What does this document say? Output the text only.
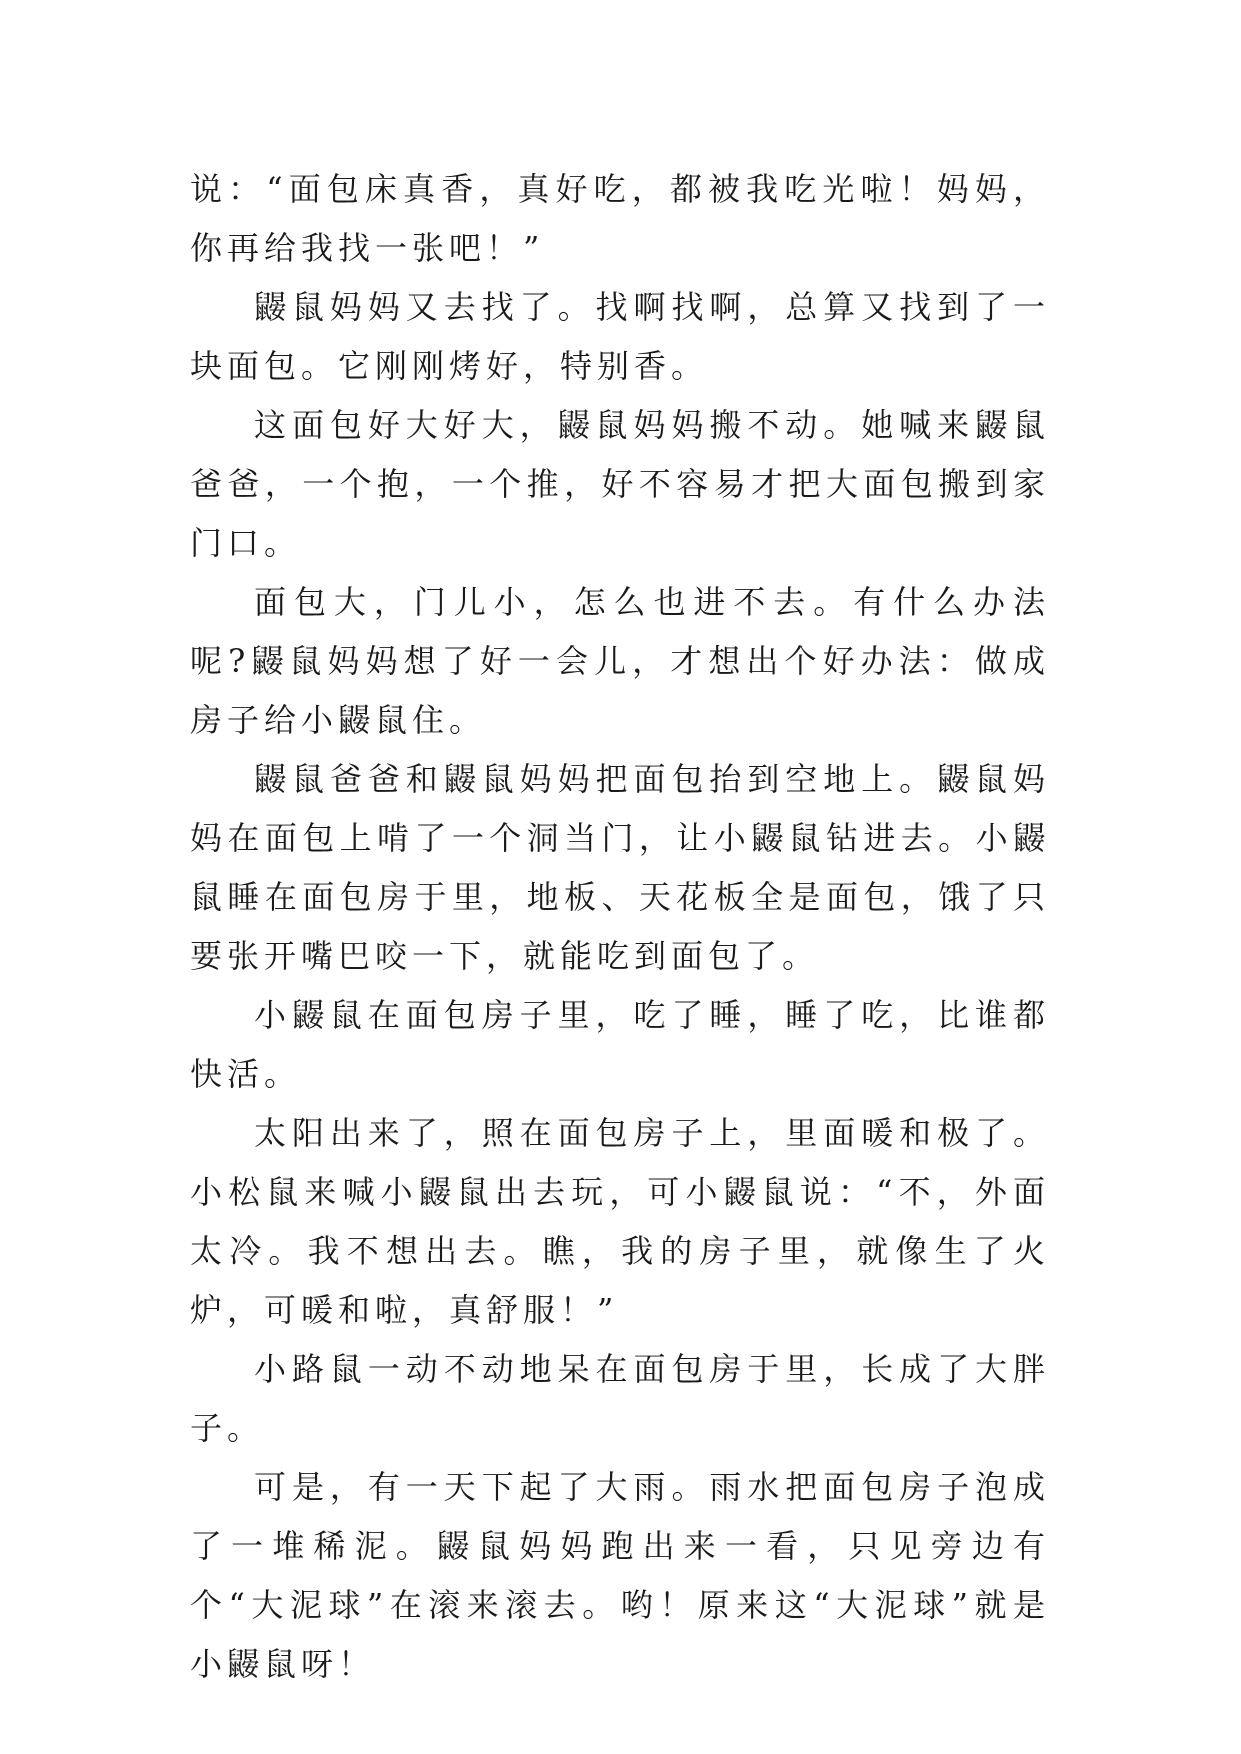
说：“面包床真香，真好吃，都被我吃光啦！妈妈，你再给我找一张吧！”

鼹鼠妈妈又去找了。找啊找啊，总算又找到了一块面包。它刚刚烤好，特别香。

这面包好大好大，鼹鼠妈妈搬不动。她喊来鼹鼠爸爸，一个抱，一个推，好不容易才把大面包搬到家门口。

面包大，门儿小，怎么也进不去。有什么办法呢?鼹鼠妈妈想了好一会儿，才想出个好办法：做成房子给小鼹鼠住。

鼹鼠爸爸和鼹鼠妈妈把面包抬到空地上。鼹鼠妈妈在面包上啃了一个洞当门，让小鼹鼠钻进去。小鼹鼠睡在面包房于里，地板、天花板全是面包，饿了只要张开嘴巴咬一下，就能吃到面包了。

小鼹鼠在面包房子里，吃了睡，睡了吃，比谁都快活。

太阳出来了，照在面包房子上，里面暖和极了。小松鼠来喊小鼹鼠出去玩，可小鼹鼠说：“不，外面太冷。我不想出去。瞧，我的房子里，就像生了火炉，可暖和啦，真舒服！”

小路鼠一动不动地呆在面包房于里，长成了大胖子。

可是，有一天下起了大雨。雨水把面包房子泡成了一堆稀泥。鼹鼠妈妈跑出来一看，只见旁边有个“大泥球”在滚来滚去。哟！原来这“大泥球”就是小鼹鼠呀！
